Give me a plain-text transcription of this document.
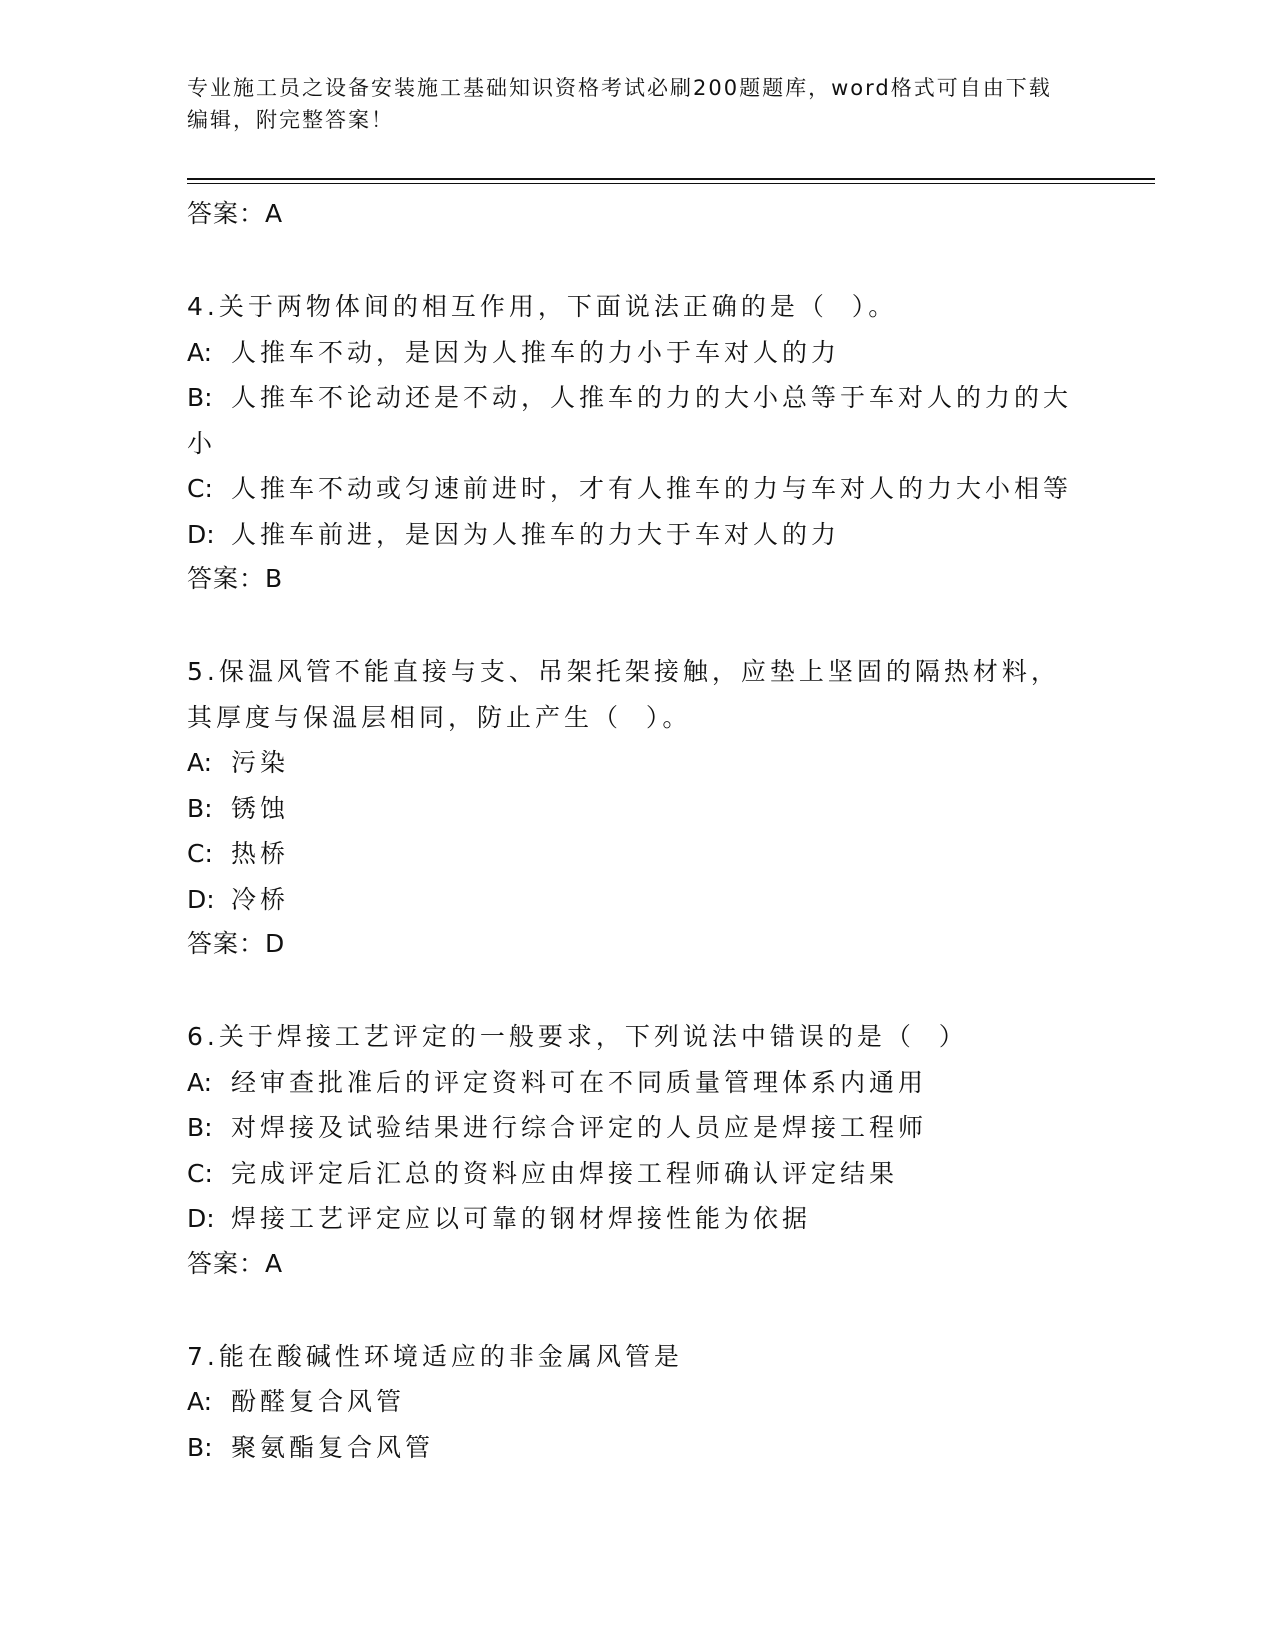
专业施工员之设备安装施工基础知识资格考试必刷200题题库，word格式可自由下载编辑，附完整答案！
答案：A
4.关于两物体间的相互作用，下面说法正确的是（  ）。
A: 人推车不动，是因为人推车的力小于车对人的力
B: 人推车不论动还是不动，人推车的力的大小总等于车对人的力的大
小
C: 人推车不动或匀速前进时，才有人推车的力与车对人的力大小相等
D: 人推车前进，是因为人推车的力大于车对人的力
答案：B
5.保温风管不能直接与支、吊架托架接触，应垫上坚固的隔热材料，
其厚度与保温层相同，防止产生（  ）。
A: 污染
B: 锈蚀
C: 热桥
D: 冷桥
答案：D
6.关于焊接工艺评定的一般要求，下列说法中错误的是（  ）
A: 经审查批准后的评定资料可在不同质量管理体系内通用
B: 对焊接及试验结果进行综合评定的人员应是焊接工程师
C: 完成评定后汇总的资料应由焊接工程师确认评定结果
D: 焊接工艺评定应以可靠的钢材焊接性能为依据
答案：A
7.能在酸碱性环境适应的非金属风管是
A: 酚醛复合风管
B: 聚氨酯复合风管
